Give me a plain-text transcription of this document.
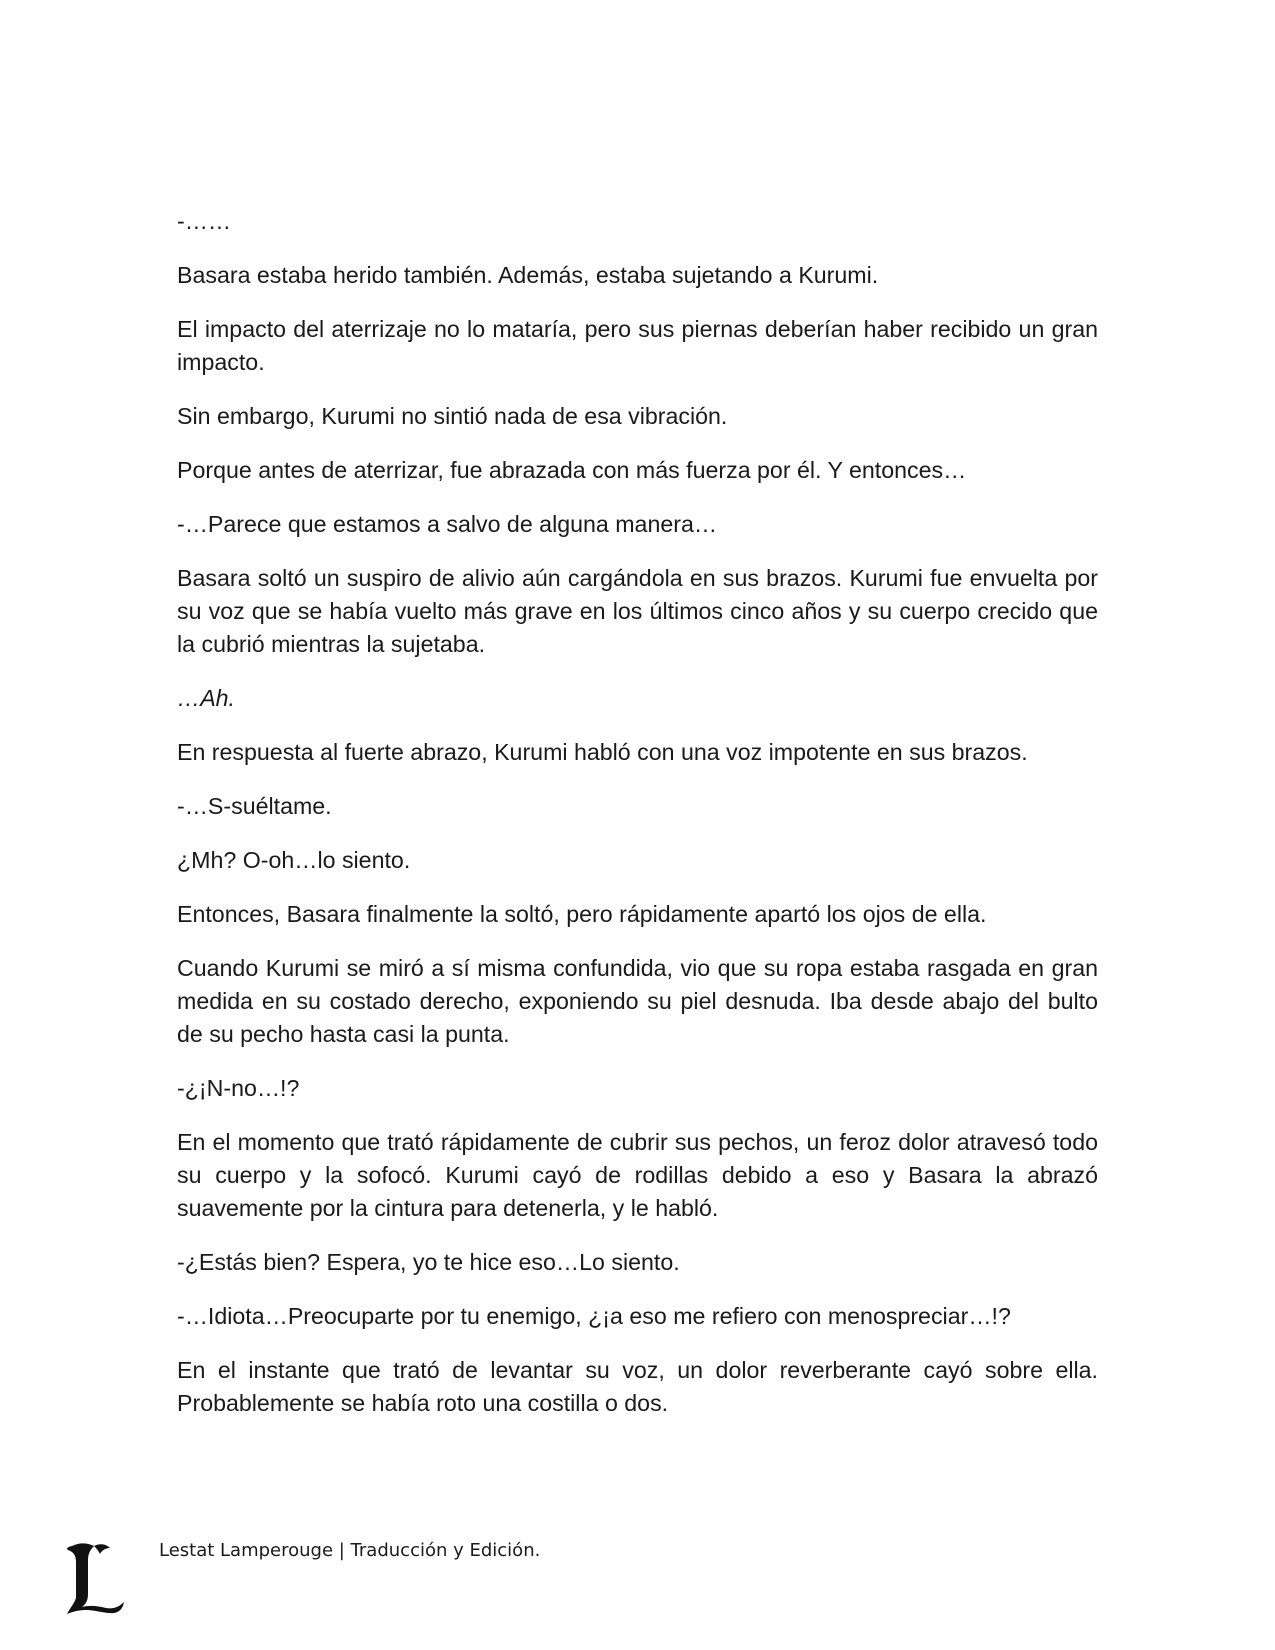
-……

Basara estaba herido también. Además, estaba sujetando a Kurumi.

El impacto del aterrizaje no lo mataría, pero sus piernas deberían haber recibido un gran impacto.

Sin embargo, Kurumi no sintió nada de esa vibración.

Porque antes de aterrizar, fue abrazada con más fuerza por él. Y entonces…

-…Parece que estamos a salvo de alguna manera…

Basara soltó un suspiro de alivio aún cargándola en sus brazos. Kurumi fue envuelta por su voz que se había vuelto más grave en los últimos cinco años y su cuerpo crecido que la cubrió mientras la sujetaba.

…Ah.

En respuesta al fuerte abrazo, Kurumi habló con una voz impotente en sus brazos.

-…S-suéltame.

¿Mh? O-oh…lo siento.

Entonces, Basara finalmente la soltó, pero rápidamente apartó los ojos de ella.

Cuando Kurumi se miró a sí misma confundida, vio que su ropa estaba rasgada en gran medida en su costado derecho, exponiendo su piel desnuda. Iba desde abajo del bulto de su pecho hasta casi la punta.

-¿¡N-no…!?

En el momento que trató rápidamente de cubrir sus pechos, un feroz dolor atravesó todo su cuerpo y la sofocó. Kurumi cayó de rodillas debido a eso y Basara la abrazó suavemente por la cintura para detenerla, y le habló.

-¿Estás bien? Espera, yo te hice eso…Lo siento.

-…Idiota…Preocuparte por tu enemigo, ¿¡a eso me refiero con menospreciar…!?

En el instante que trató de levantar su voz, un dolor reverberante cayó sobre ella. Probablemente se había roto una costilla o dos.

Lestat Lamperouge | Traducción y Edición.
